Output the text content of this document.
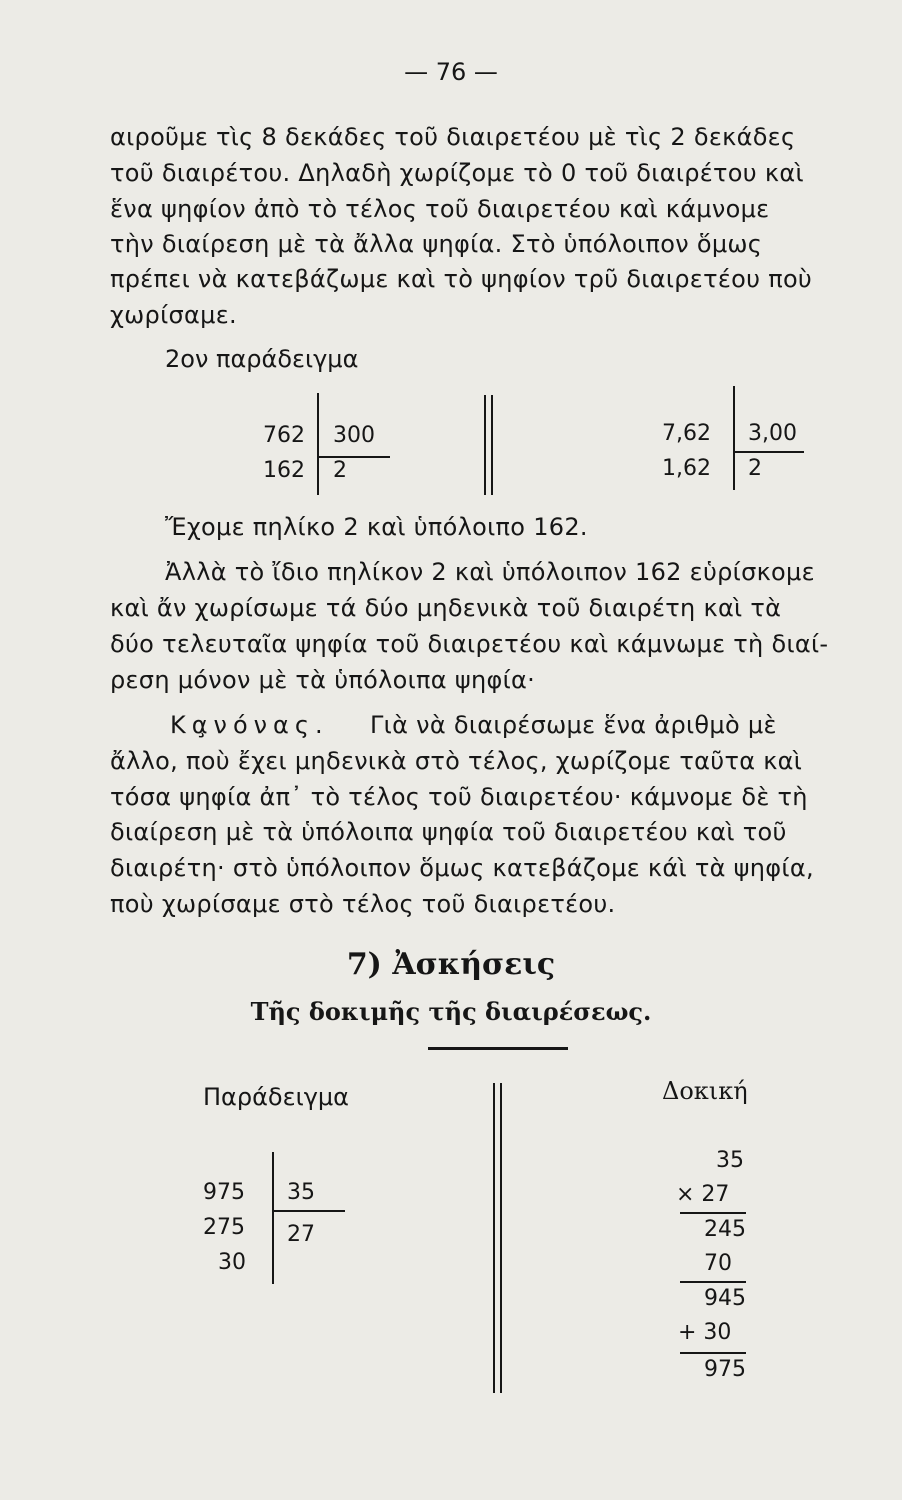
— 76 —
αιροῦμε τὶς 8 δεκάδες τοῦ διαιρετέου μὲ τὶς 2 δεκάδες
τοῦ διαιρέτου. Δηλαδὴ χωρίζομε τὸ 0 τοῦ διαιρέτου καὶ
ἕνα ψηφίον ἀπὸ τὸ τέλος τοῦ διαιρετέου καὶ κάμνομε
τὴν διαίρεση μὲ τὰ ἄλλα ψηφία. Στὸ ὑπόλοιπον ὅμως
πρέπει νὰ κατεβάζωμε καὶ τὸ ψηφίον τρῦ διαιρετέου ποὺ
χωρίσαμε.
2ον παράδειγμα
762
162
300
2
7,62
1,62
3,00
2
Ἔχομε πηλίκο 2 καὶ ὑπόλοιπο 162.
Ἀλλὰ τὸ ἴδιο πηλίκον 2 καὶ ὑπόλοιπον 162 εὑρίσκομε
καὶ ἄν χωρίσωμε τά δύο μηδενικὰ τοῦ διαιρέτη καὶ τὰ
δύο τελευταῖα ψηφία τοῦ διαιρετέου καὶ κάμνωμε τὴ διαί-
ρεση μόνον μὲ τὰ ὑπόλοιπα ψηφία·
Κα̧νόνας. Γιὰ νὰ διαιρέσωμε ἕνα ἀριθμὸ μὲ
ἄλλο, ποὺ ἔχει μηδενικὰ στὸ τέλος, χωρίζομε ταῦτα καὶ
τόσα ψηφία ἀπ᾽ τὸ τέλος τοῦ διαιρετέου· κάμνομε δὲ τὴ
διαίρεση μὲ τὰ ὑπόλοιπα ψηφία τοῦ διαιρετέου καὶ τοῦ
διαιρέτη· στὸ ὑπόλοιπον ὅμως κατεβάζομε κάὶ τὰ ψηφία,
ποὺ χωρίσαμε στὸ τέλος τοῦ διαιρετέου.
7) Ἀσκήσεις
Τῆς δοκιμῆς τῆς διαιρέσεως.
Παράδειγμα	Δοκική
975
275
30
35
27
35
× 27
245
70
945
+ 30
975
